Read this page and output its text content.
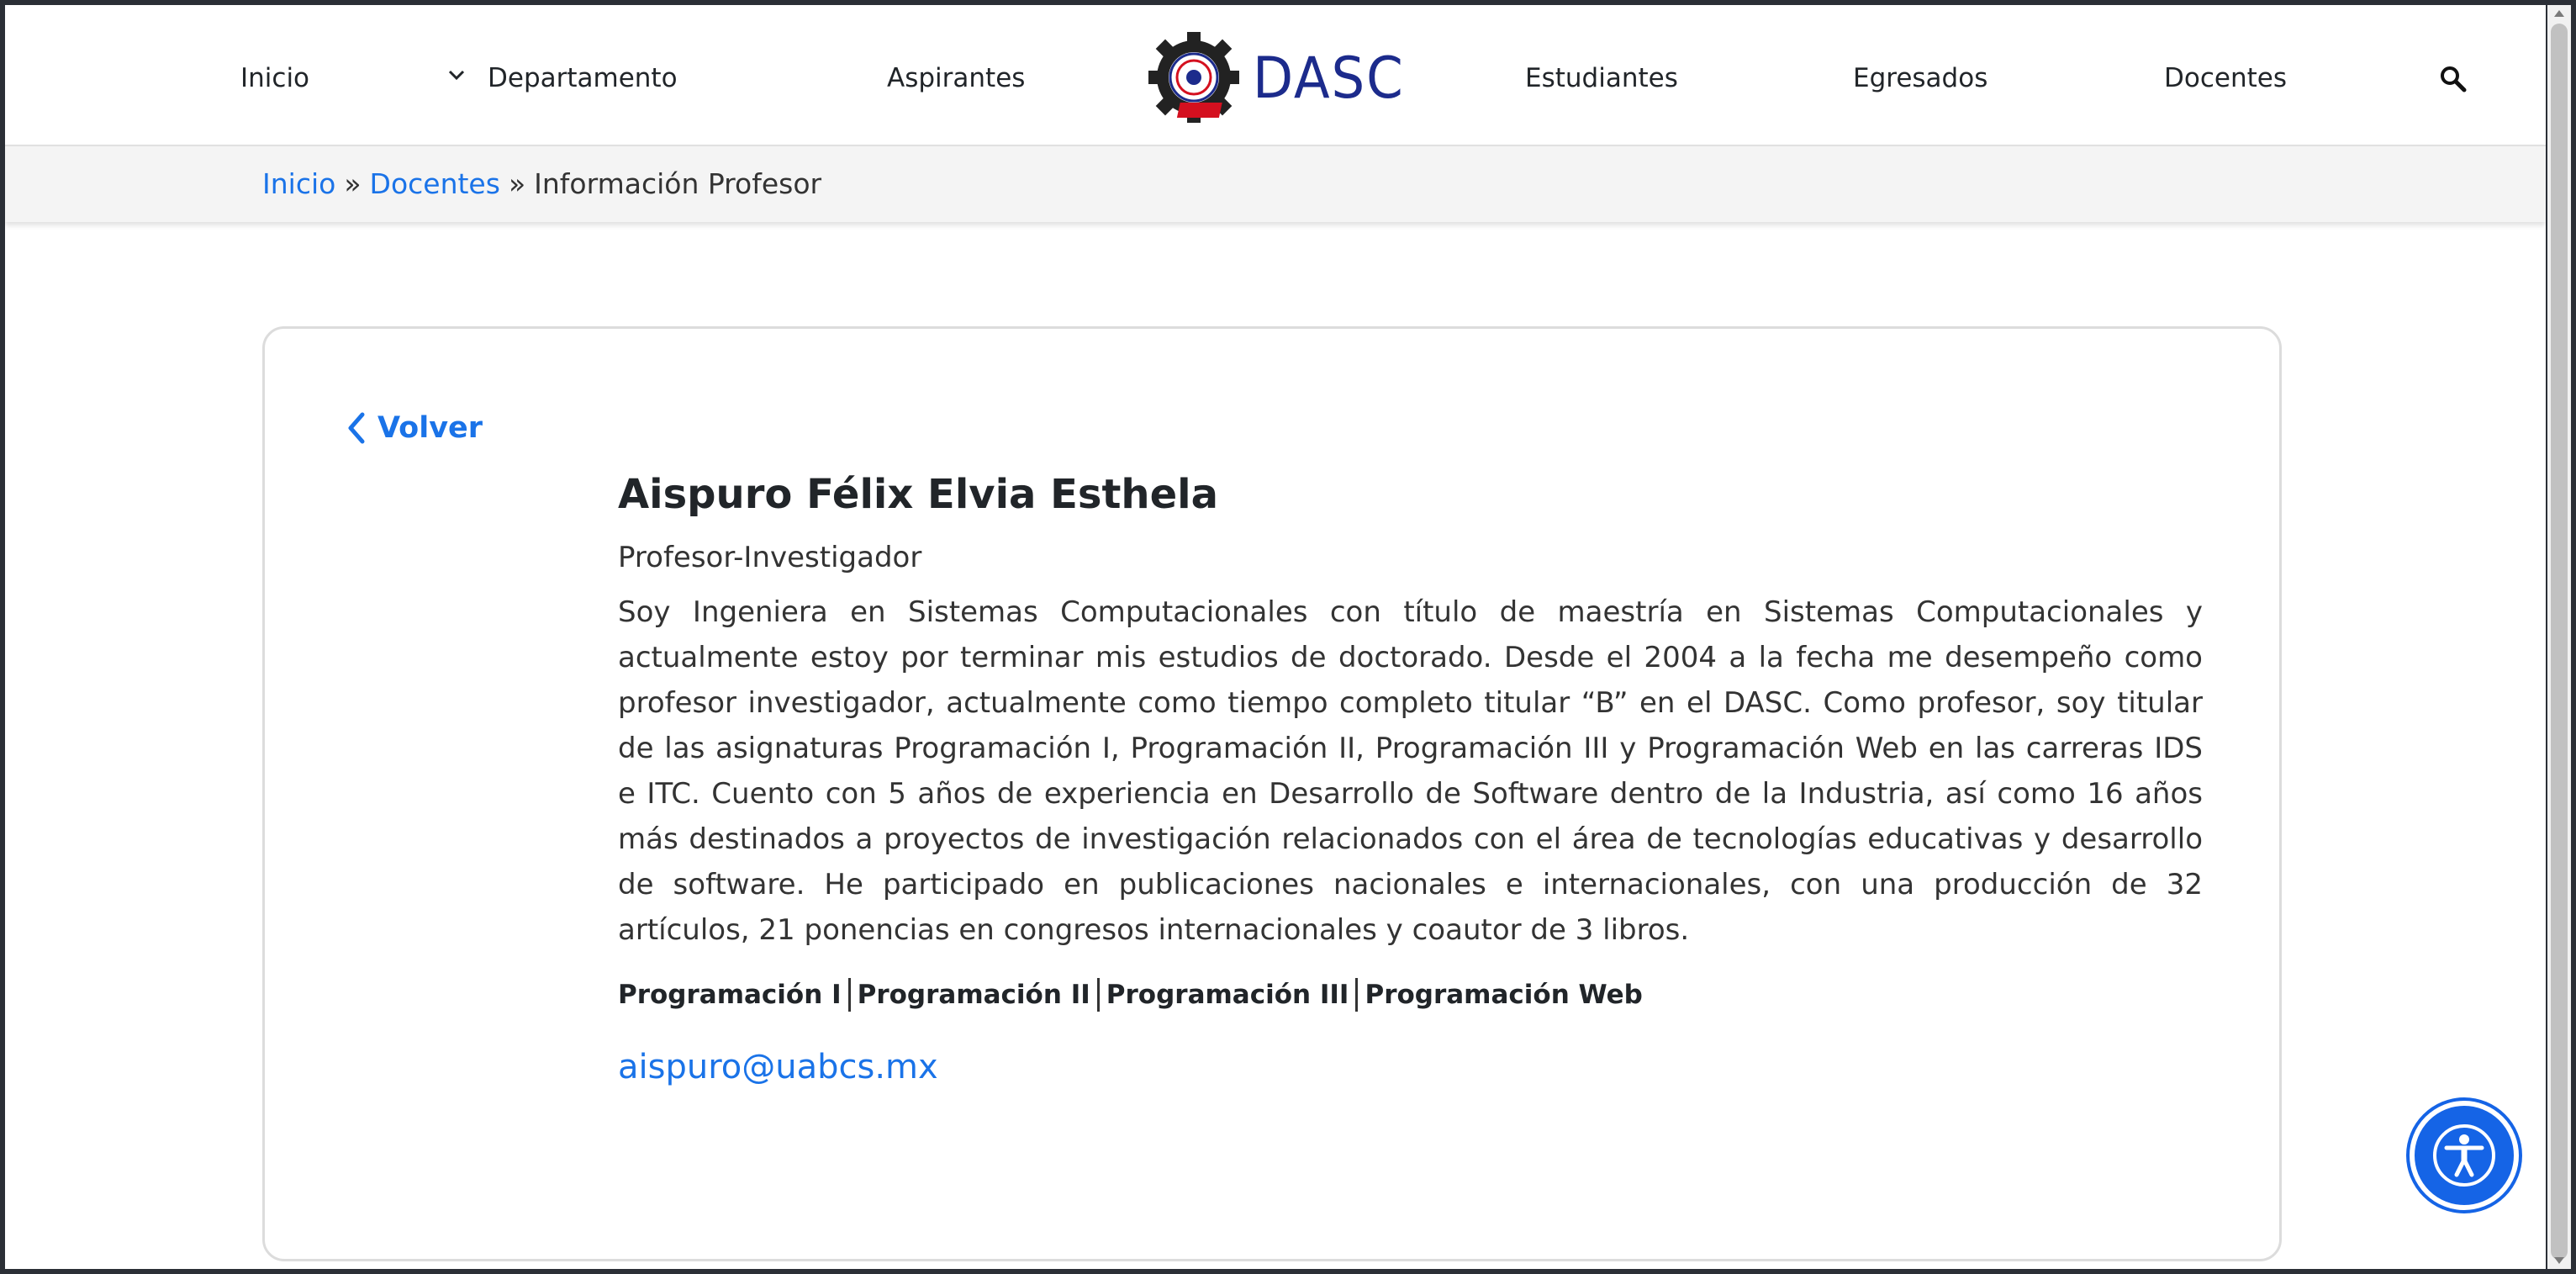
Inicio	Departamento	Aspirantes	DASC	Estudiantes	Egresados	Docentes
Inicio » Docentes » Información Profesor
Volver
Aispuro Félix Elvia Esthela
Profesor-Investigador

Soy Ingeniera en Sistemas Computacionales con título de maestría en Sistemas Computacionales y actualmente estoy por terminar mis estudios de doctorado. Desde el 2004 a la fecha me desempeño como profesor investigador, actualmente como tiempo completo titular “B” en el DASC. Como profesor, soy titular de las asignaturas Programación I, Programación II, Programación III y Programación Web en las carreras IDS e ITC. Cuento con 5 años de experiencia en Desarrollo de Software dentro de la Industria, así como 16 años más destinados a proyectos de investigación relacionados con el área de tecnologías educativas y desarrollo de software. He participado en publicaciones nacionales e internacionales, con una producción de 32 artículos, 21 ponencias en congresos internacionales y coautor de 3 libros.

Programación I Programación II Programación III Programación Web
aispuro@uabcs.mx
